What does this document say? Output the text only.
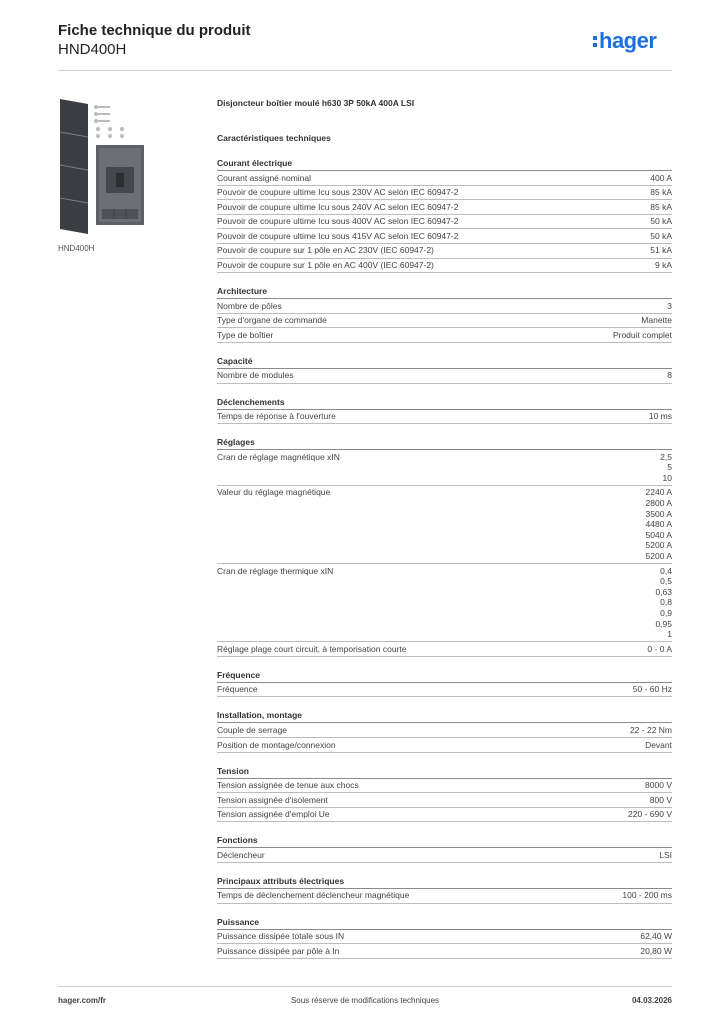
Fiche technique du produit
HND400H	hager
HND400H
Disjoncteur boîtier moulé h630 3P 50kA 400A LSI
Caractéristiques techniques
Courant électrique
Courant assigné nominal	400 A
Pouvoir de coupure ultime Icu sous 230V AC selon IEC 60947-2	85 kA
Pouvoir de coupure ultime Icu sous 240V AC selon IEC 60947-2	85 kA
Pouvoir de coupure ultime Icu sous 400V AC selon IEC 60947-2	50 kA
Pouvoir de coupure ultime Icu sous 415V AC selon IEC 60947-2	50 kA
Pouvoir de coupure sur 1 pôle en AC 230V (IEC 60947-2)	51 kA
Pouvoir de coupure sur 1 pôle en AC 400V (IEC 60947-2)	9 kA
Architecture
Nombre de pôles	3
Type d'organe de commande	Manette
Type de boîtier	Produit complet
Capacité
Nombre de modules	8
Déclenchements
Temps de réponse à l'ouverture	10 ms
Réglages
Cran de réglage magnétique xIN	2,5
5
10
Valeur du réglage magnétique	2240 A
2800 A
3500 A
4480 A
5040 A
5200 A
5200 A
Cran de réglage thermique xIN	0,4
0,5
0,63
0,8
0,9
0,95
1
Réglage plage court circuit, à temporisation courte	0 - 0 A
Fréquence
Fréquence	50 - 60 Hz
Installation, montage
Couple de serrage	22 - 22 Nm
Position de montage/connexion	Devant
Tension
Tension assignée de tenue aux chocs	8000 V
Tension assignée d'isolement	800 V
Tension assignée d'emploi Ue	220 - 690 V
Fonctions
Déclencheur	LSI
Principaux attributs électriques
Temps de déclenchement déclencheur magnétique	100 - 200 ms
Puissance
Puissance dissipée totale sous IN	62,40 W
Puissance dissipée par pôle à In	20,80 W
hager.com/fr	Sous réserve de modifications techniques	04.03.2026
